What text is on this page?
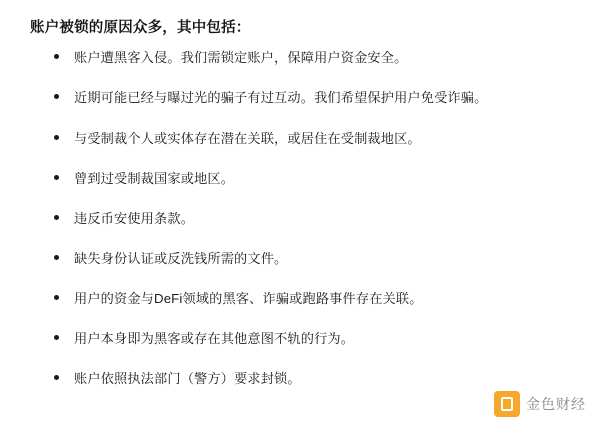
账户被锁的原因众多，其中包括：

账户遭黑客入侵。我们需锁定账户，保障用户资金安全。
近期可能已经与曝过光的骗子有过互动。我们希望保护用户免受诈骗。
与受制裁个人或实体存在潜在关联，或居住在受制裁地区。
曾到过受制裁国家或地区。
违反币安使用条款。
缺失身份认证或反洗钱所需的文件。
用户的资金与DeFi领域的黑客、诈骗或跑路事件存在关联。
用户本身即为黑客或存在其他意图不轨的行为。
账户依照执法部门（警方）要求封锁。
金色财经
